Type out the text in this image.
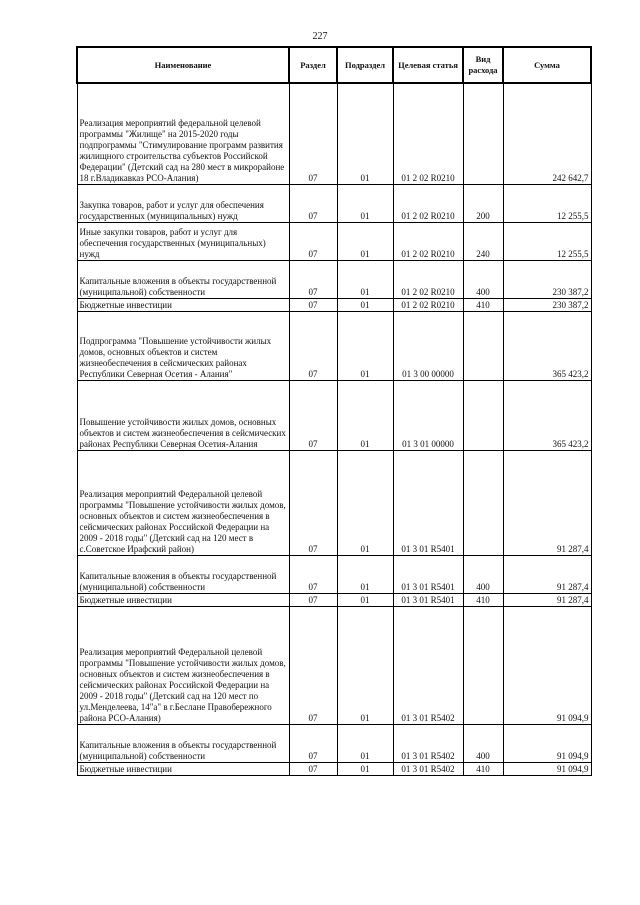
227
Наименование	Раздел	Подраздел	Целевая статья	Вид расхода	Сумма
Реализация мероприятий федеральной целевой программы "Жилище" на 2015-2020 годы подпрограммы "Стимулирование программ развития жилищного строительства субъектов Российской Федерации" (Детский сад на 280 мест в микрорайоне 18 г.Владикавказ РСО-Алания)	07	01	01 2 02 R0210		242 642,7
Закупка товаров, работ и услуг для обеспечения государственных (муниципальных) нужд	07	01	01 2 02 R0210	200	12 255,5
Иные закупки товаров, работ и услуг для обеспечения государственных (муниципальных) нужд	07	01	01 2 02 R0210	240	12 255,5
Капитальные вложения в объекты государственной (муниципальной) собственности	07	01	01 2 02 R0210	400	230 387,2
Бюджетные инвестиции	07	01	01 2 02 R0210	410	230 387,2
Подпрограмма "Повышение устойчивости жилых домов, основных объектов и систем жизнеобеспечения в сейсмических районах Республики Северная Осетия - Алания"	07	01	01 3 00 00000		365 423,2
Повышение устойчивости жилых домов, основных объектов и систем жизнеобеспечения в сейсмических районах Республики Северная Осетия-Алания	07	01	01 3 01 00000		365 423,2
Реализация мероприятий Федеральной целевой программы "Повышение устойчивости жилых домов, основных объектов и систем жизнеобеспечения в сейсмических районах Российской Федерации на 2009 - 2018 годы" (Детский сад на 120 мест в с.Советское Ирафский район)	07	01	01 3 01 R5401		91 287,4
Капитальные вложения в объекты государственной (муниципальной) собственности	07	01	01 3 01 R5401	400	91 287,4
Бюджетные инвестиции	07	01	01 3 01 R5401	410	91 287,4
Реализация мероприятий Федеральной целевой программы "Повышение устойчивости жилых домов, основных объектов и систем жизнеобеспечения в сейсмических районах Российской Федерации на 2009 - 2018 годы" (Детский сад на 120 мест по ул.Менделеева, 14"а" в г.Беслане Правобережного района РСО-Алания)	07	01	01 3 01 R5402		91 094,9
Капитальные вложения в объекты государственной (муниципальной) собственности	07	01	01 3 01 R5402	400	91 094,9
Бюджетные инвестиции	07	01	01 3 01 R5402	410	91 094,9
